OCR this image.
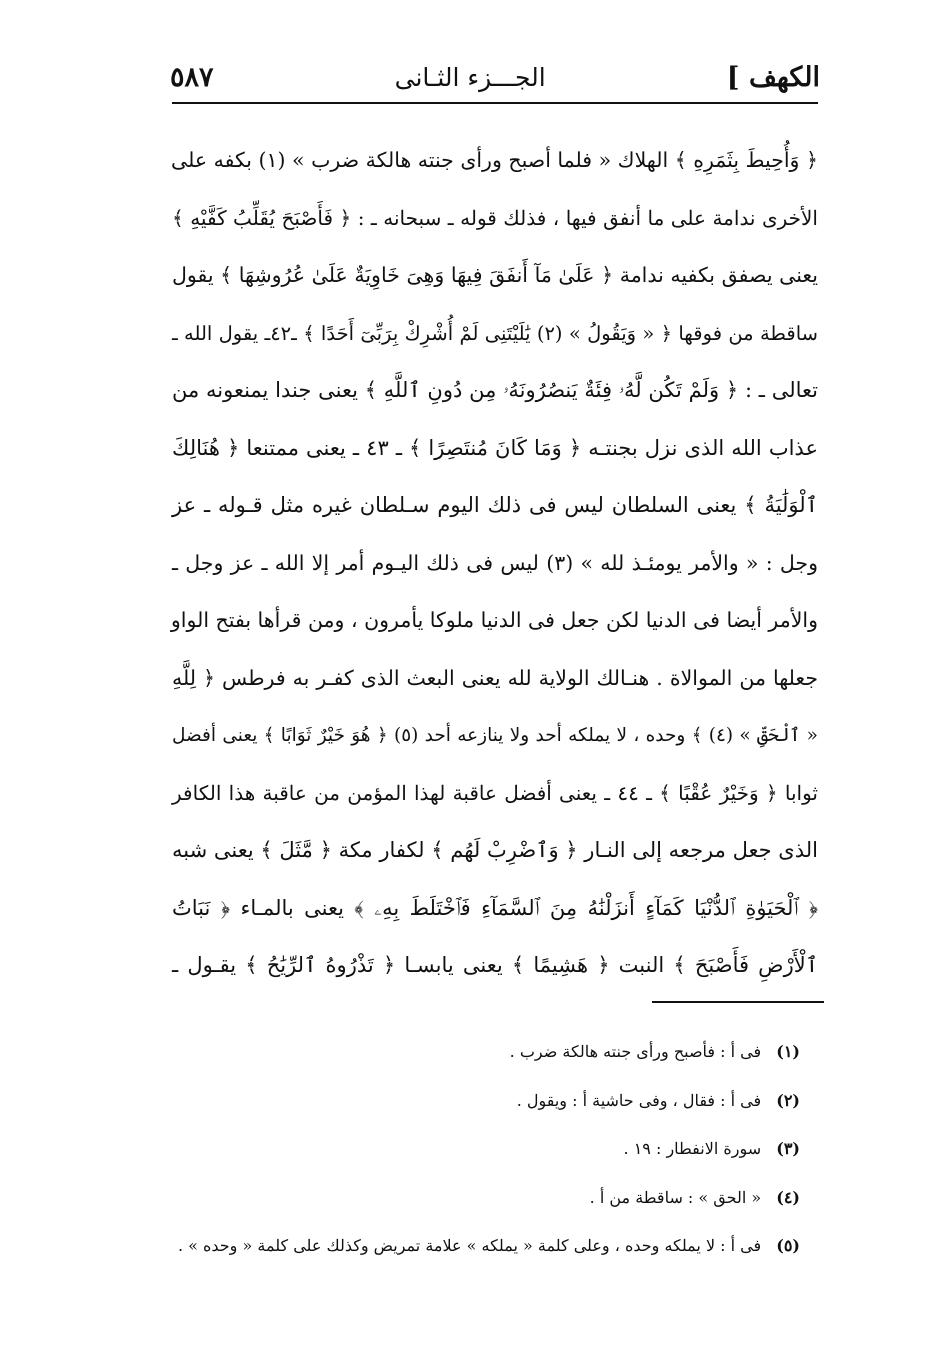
الكهف ]
الجـــزء الثـانى
٥٨٧
﴿ وَأُحِيطَ بِثَمَرِهِ ﴾ الهلاك « فلما أصبح ورأى جنته هالكة ضرب » (١) بكفه على
الأخرى ندامة على ما أنفق فيها ، فذلك قوله ـ سبحانه ـ : ﴿ فَأَصْبَحَ يُقَلِّبُ كَفَّيْهِ ﴾
يعنى يصفق بكفيه ندامة ﴿ عَلَىٰ مَآ أَنفَقَ فِيهَا وَهِىَ خَاوِيَةٌ عَلَىٰ عُرُوشِهَا ﴾ يقول
ساقطة من فوقها ﴿ « وَيَقُولُ » (٢) يَٰلَيْتَنِى لَمْ أُشْرِكْ بِرَبِّىٓ أَحَدًا ﴾ ـ٤٢ـ يقول الله ـ
تعالى ـ : ﴿ وَلَمْ تَكُن لَّهُۥ فِئَةٌ يَنصُرُونَهُۥ مِن دُونِ ٱللَّهِ ﴾ يعنى جندا يمنعونه من
عذاب الله الذى نزل بجنتـه ﴿ وَمَا كَانَ مُنتَصِرًا ﴾ ـ ٤٣ ـ يعنى ممتنعا ﴿ هُنَالِكَ
ٱلْوَلَٰيَةُ ﴾ يعنى السلطان ليس فى ذلك اليوم سـلطان غيره مثل قـوله ـ عز
وجل : « والأمر يومئـذ لله » (٣) ليس فى ذلك اليـوم أمر إلا الله ـ عز وجل ـ
والأمر أيضا فى الدنيا لكن جعل فى الدنيا ملوكا يأمرون ، ومن قرأها بفتح الواو
جعلها من الموالاة . هنـالك الولاية لله يعنى البعث الذى كفـر به فرطس ﴿ لِلَّهِ
« ٱلْحَقِّ » (٤) ﴾ وحده ، لا يملكه أحد ولا ينازعه أحد (٥) ﴿ هُوَ خَيْرٌ ثَوَابًا ﴾ يعنى أفضل
ثوابا ﴿ وَخَيْرٌ عُقْبًا ﴾ ـ ٤٤ ـ يعنى أفضل عاقبة لهذا المؤمن من عاقبة هذا الكافر
الذى جعل مرجعه إلى النـار ﴿ وَٱضْرِبْ لَهُم ﴾ لكفار مكة ﴿ مَّثَلَ ﴾ يعنى شبه
﴿ ٱلْحَيَوٰةِ ٱلدُّنْيَا كَمَآءٍ أَنزَلْنَٰهُ مِنَ ٱلسَّمَآءِ فَٱخْتَلَطَ بِهِۦ ﴾ يعنى بالمـاء ﴿ نَبَاتُ
ٱلْأَرْضِ فَأَصْبَحَ ﴾ النبت ﴿ هَشِيمًا ﴾ يعنى يابسـا ﴿ تَذْرُوهُ ٱلرِّيَٰحُ ﴾ يقـول ـ
(١) فى أ : فأصبح ورأى جنته هالكة ضرب .
(٢) فى أ : فقال ، وفى حاشية أ : ويقول .
(٣) سورة الانفطار : ١٩ .
(٤) « الحق » : ساقطة من أ .
(٥) فى أ : لا يملكه وحده ، وعلى كلمة « يملكه » علامة تمريض وكذلك على كلمة « وحده » .
